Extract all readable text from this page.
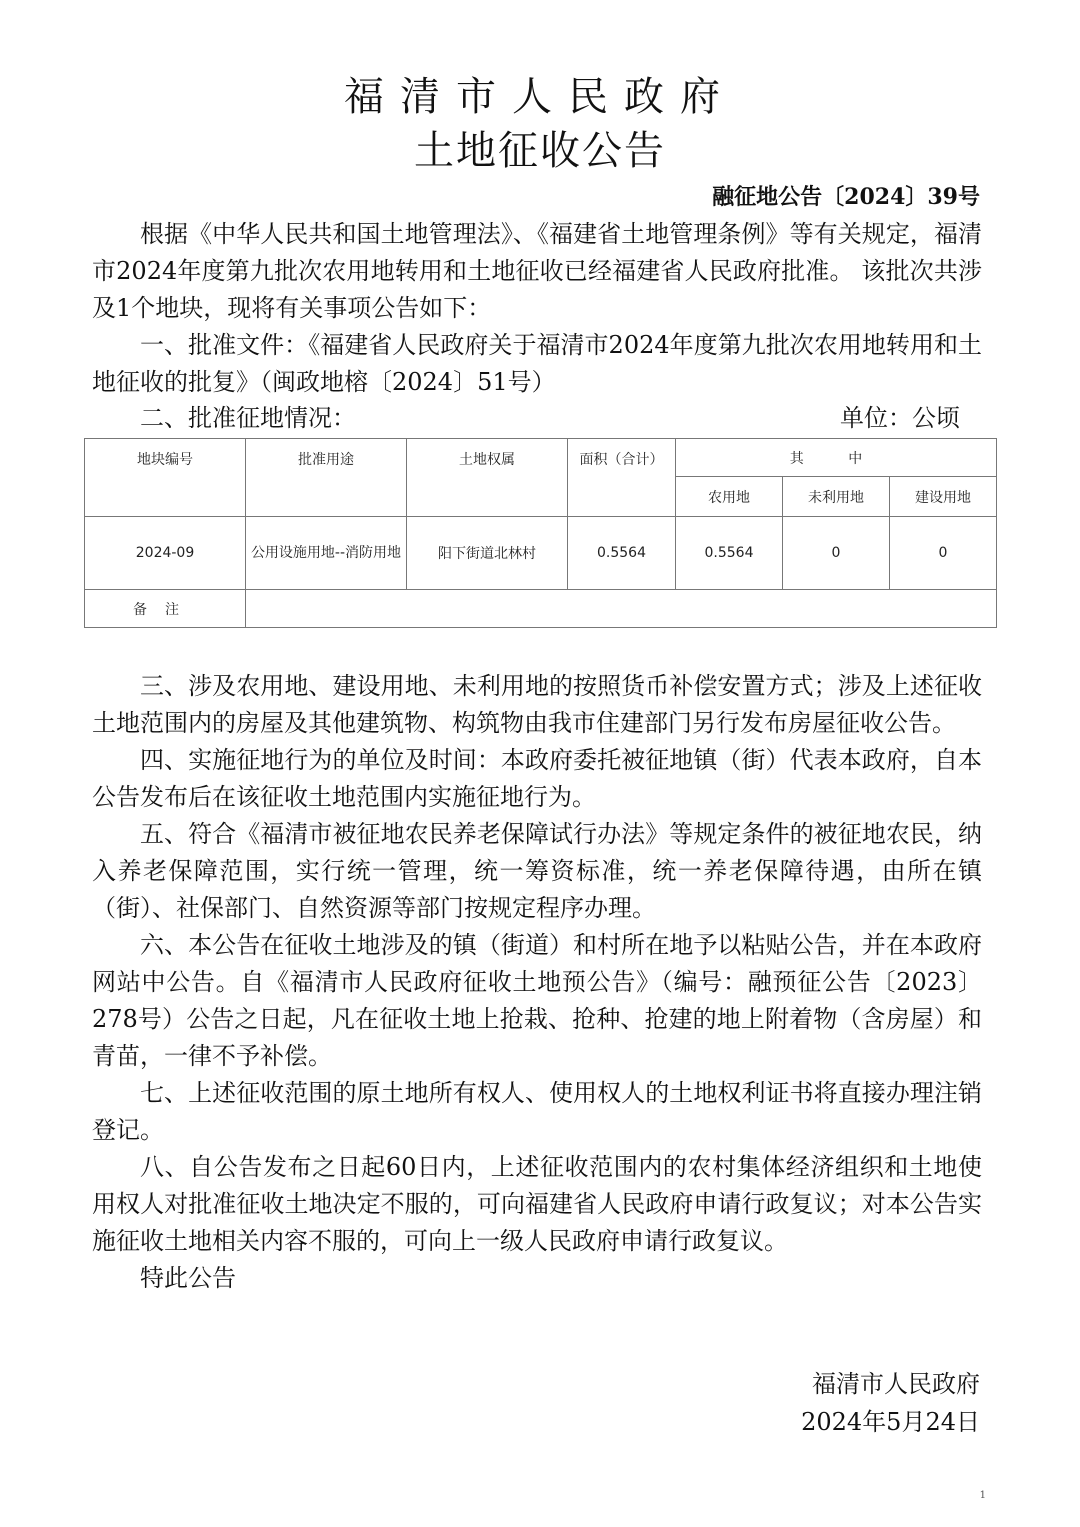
福清市人民政府
土地征收公告
融征地公告〔2024〕39号

根据《中华人民共和国土地管理法》、《福建省土地管理条例》等有关规定，福清市2024年度第九批次农用地转用和土地征收已经福建省人民政府批准。 该批次共涉及1个地块，现将有关事项公告如下：

一、批准文件：《福建省人民政府关于福清市2024年度第九批次农用地转用和土地征收的批复》（闽政地榕〔2024〕51号）

二、批准征地情况：	单位：公顷
地块编号	批准用途	土地权属	面积（合计）	其 中		
				农用地	未利用地	建设用地
2024-09	公用设施用地--消防用地	阳下街道北林村	0.5564	0.5564	0	0
备注						

三、涉及农用地、建设用地、未利用地的按照货币补偿安置方式；涉及上述征收土地范围内的房屋及其他建筑物、构筑物由我市住建部门另行发布房屋征收公告。

四、实施征地行为的单位及时间：本政府委托被征地镇（街）代表本政府，自本公告发布后在该征收土地范围内实施征地行为。

五、符合《福清市被征地农民养老保障试行办法》等规定条件的被征地农民，纳入养老保障范围，实行统一管理，统一筹资标准，统一养老保障待遇，由所在镇（街）、社保部门、自然资源等部门按规定程序办理。

六、本公告在征收土地涉及的镇（街道）和村所在地予以粘贴公告，并在本政府网站中公告。自《福清市人民政府征收土地预公告》（编号：融预征公告〔2023〕278号）公告之日起，凡在征收土地上抢栽、抢种、抢建的地上附着物（含房屋）和青苗，一律不予补偿。

七、上述征收范围的原土地所有权人、使用权人的土地权利证书将直接办理注销登记。

八、自公告发布之日起60日内，上述征收范围内的农村集体经济组织和土地使用权人对批准征收土地决定不服的，可向福建省人民政府申请行政复议；对本公告实施征收土地相关内容不服的，可向上一级人民政府申请行政复议。

特此公告

福清市人民政府
2024年5月24日
1
